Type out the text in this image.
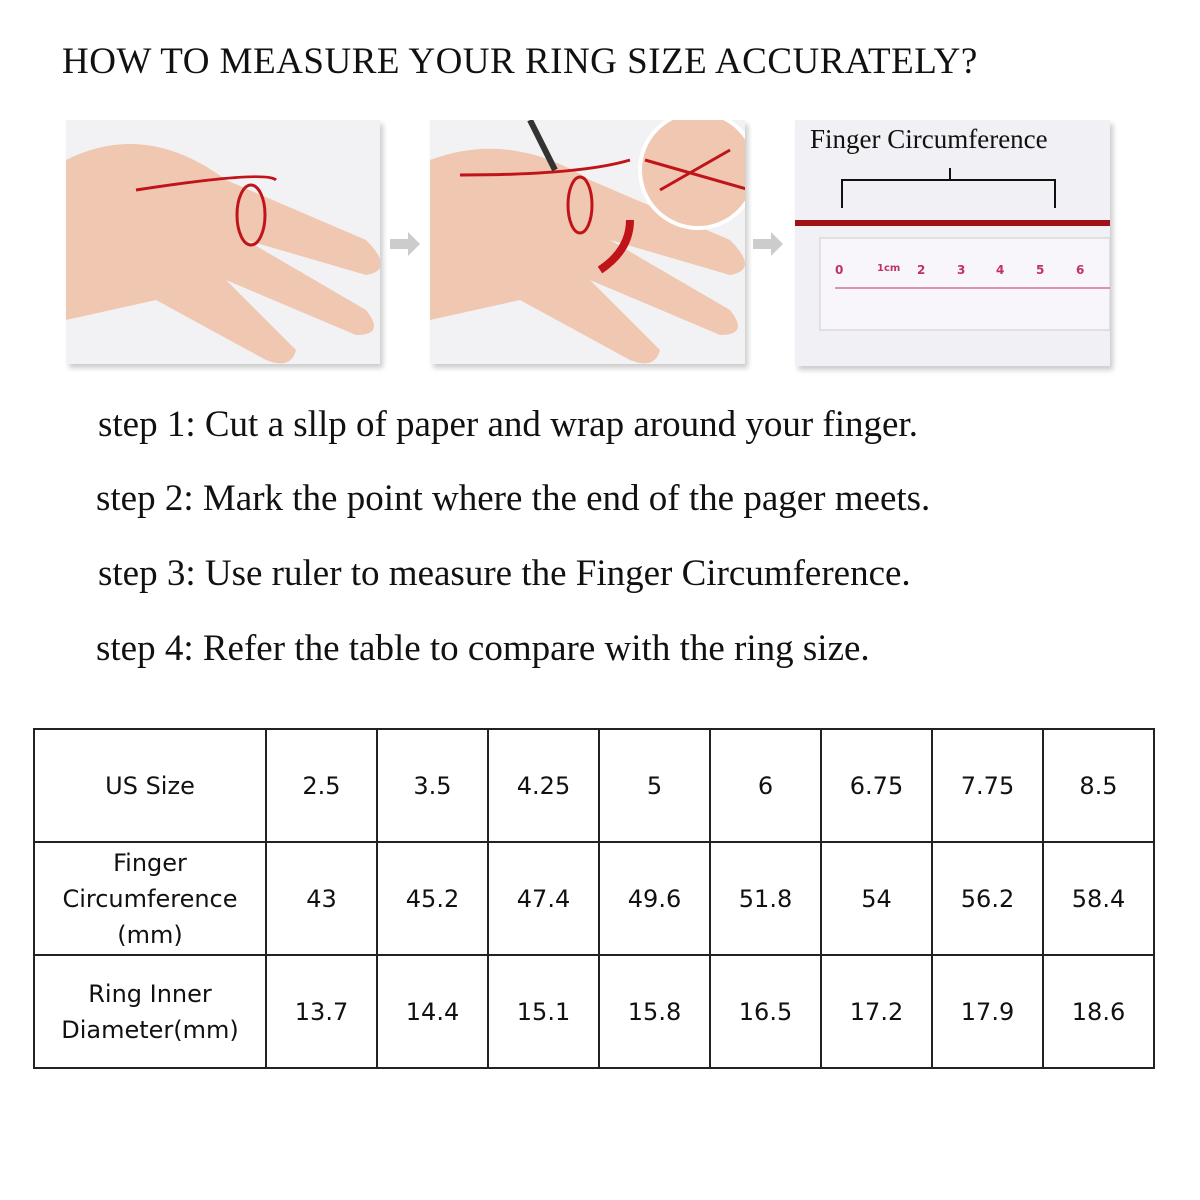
HOW TO MEASURE YOUR RING SIZE ACCURATELY?
Finger Circumference
0	1cm 2	3	4	5	6
step 1: Cut a sllp of paper and wrap around your finger.
step 2: Mark the point where the end of the pager meets.
step 3: Use ruler to measure the Finger Circumference.
step 4: Refer the table to compare with the ring size.
US Size	2.5	3.5	4.25	5	6	6.75	7.75	8.5
Finger Circumference (mm)	43	45.2	47.4	49.6	51.8	54	56.2	58.4
Ring Inner Diameter(mm)	13.7	14.4	15.1	15.8	16.5	17.2	17.9	18.6
